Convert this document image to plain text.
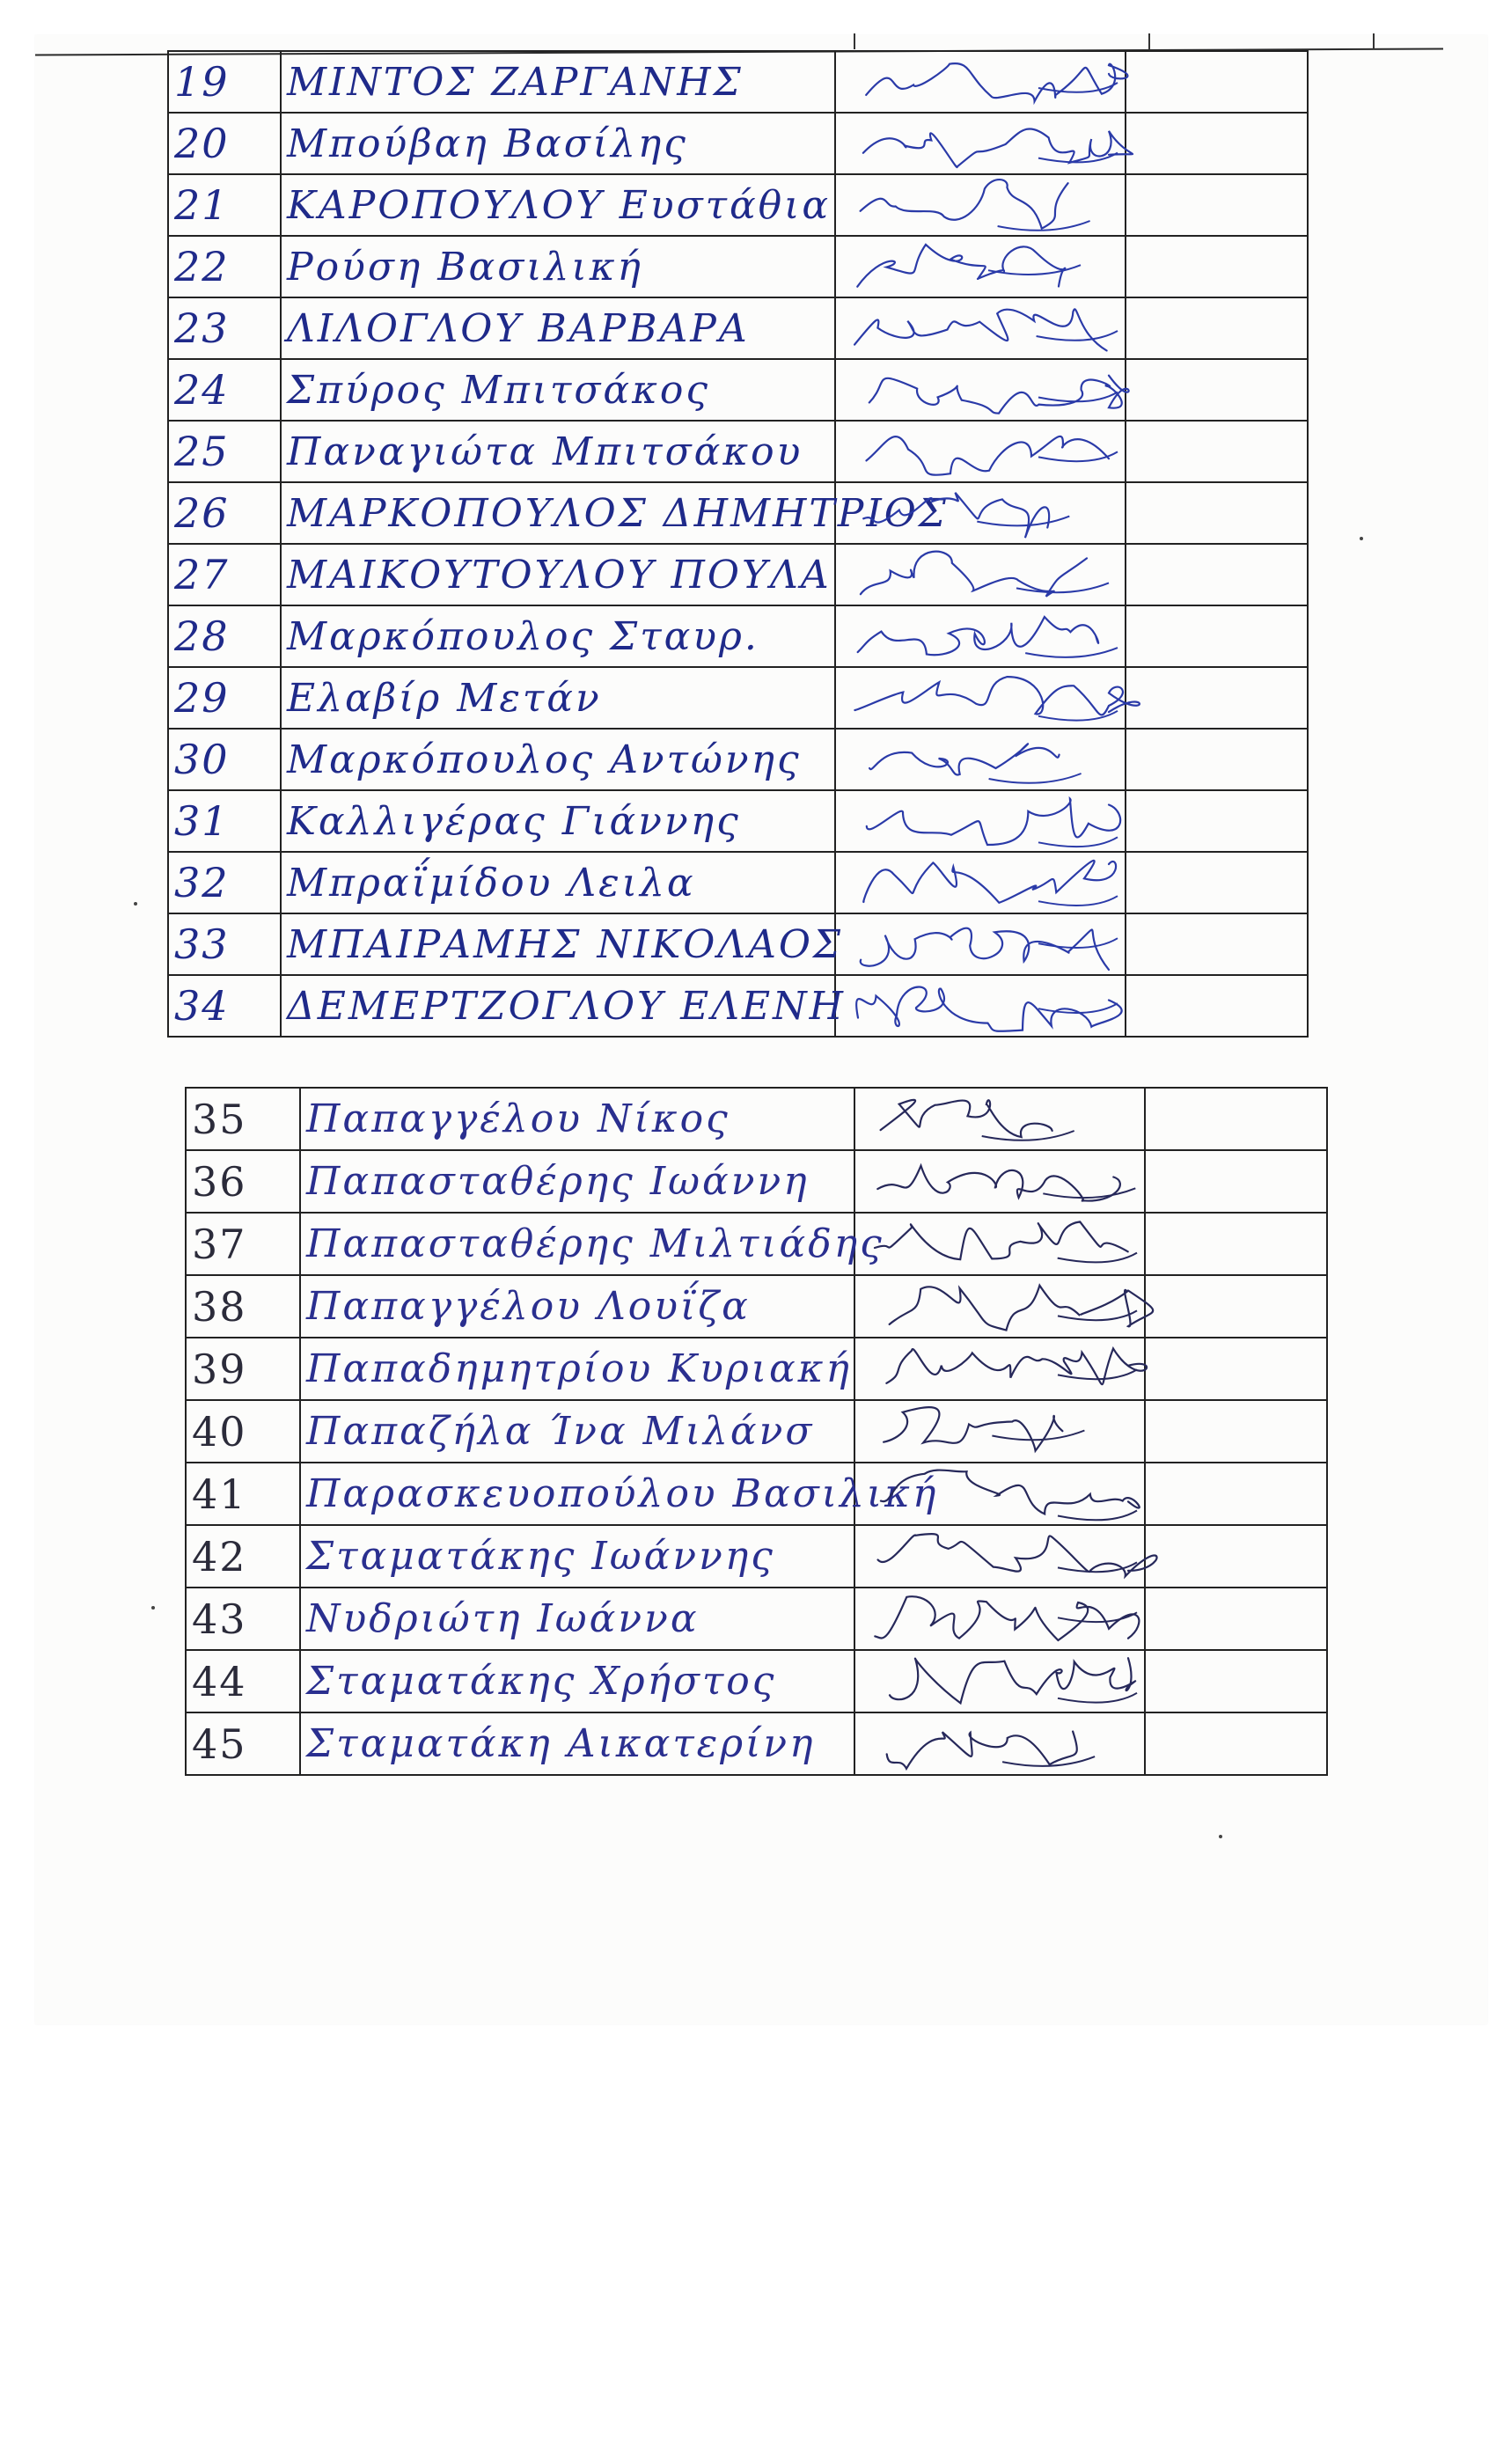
19	ΜΙΝΤΟΣ ΖΑΡΓΑΝΗΣ	

20	Μπούβαη Βασίλης	

21	ΚΑΡΟΠΟΥΛΟΥ Ευστάθια	

22	Ρούση Βασιλική	

23	ΛΙΛΟΓΛΟΥ ΒΑΡΒΑΡΑ	

24	Σπύρος Μπιτσάκος	

25	Παναγιώτα Μπιτσάκου	

26	ΜΑΡΚΟΠΟΥΛΟΣ ΔΗΜΗΤΡΙΟΣ	

27	ΜΑΙΚΟΥΤΟΥΛΟΥ ΠΟΥΛΑ	

28	Μαρκόπουλος Σταυρ.	

29	Ελαβίρ Μετάν	

30	Μαρκόπουλος Αντώνης	

31	Καλλιγέρας Γιάννης	

32	Μπραΐμίδου Λειλα	

33	ΜΠΑΙΡΑΜΗΣ ΝΙΚΟΛΑΟΣ	

34	ΔΕΜΕΡΤΖΟΓΛΟΥ ΕΛΕΝΗ	

35	Παπαγγέλου Νίκος	

36	Παπασταθέρης Ιωάννη	

37	Παπασταθέρης Μιλτιάδης	

38	Παπαγγέλου Λουΐζα	

39	Παπαδημητρίου Κυριακή	

40	Παπαζήλα Ίνα Μιλάνσ	

41	Παρασκευοπούλου Βασιλική	

42	Σταματάκης Ιωάννης	

43	Νυδριώτη Ιωάννα	

44	Σταματάκης Χρήστος	

45	Σταματάκη Αικατερίνη	
